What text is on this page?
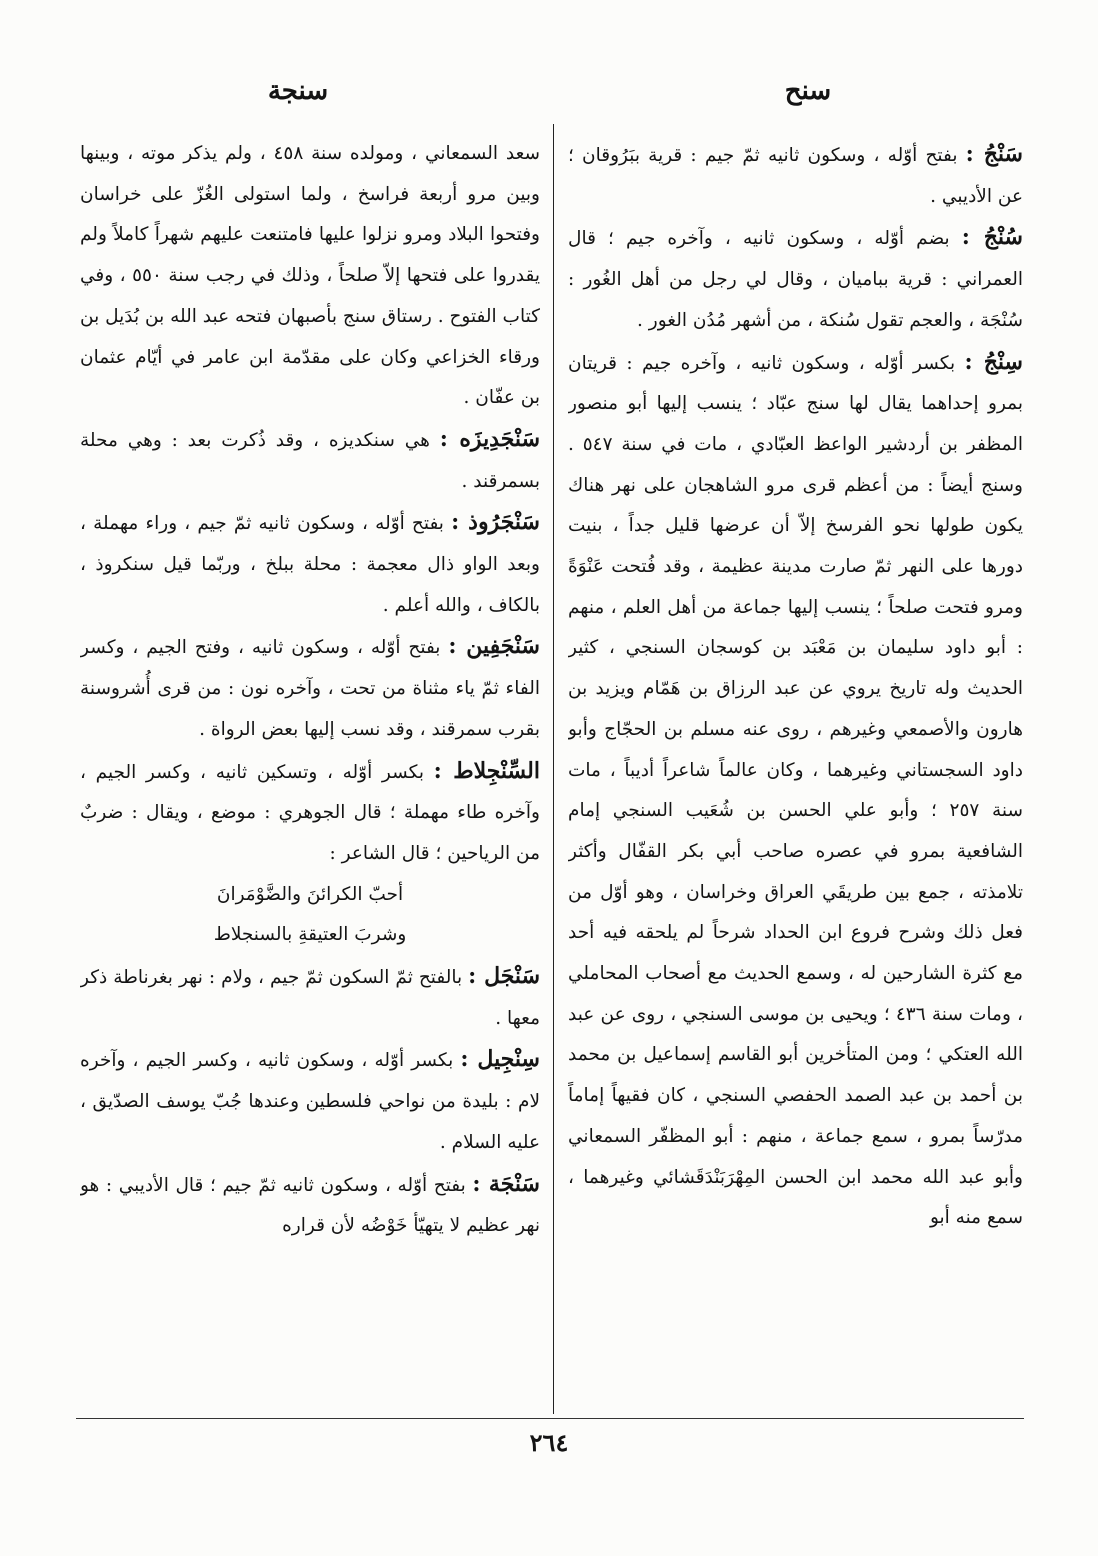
سنح
سنجة

سَنْجُ : بفتح أوّله ، وسكون ثانيه ثمّ جيم : قرية ببَرُوقان ؛ عن الأديبي .

سُنْجُ : بضم أوّله ، وسكون ثانيه ، وآخره جيم ؛ قال العمراني : قرية بباميان ، وقال لي رجل من أهل الغُور : سُنْجَة ، والعجم تقول سُنكة ، من أشهر مُدُن الغور .

سِنْجُ : بكسر أوّله ، وسكون ثانيه ، وآخره جيم : قريتان بمرو إحداهما يقال لها سنج عبّاد ؛ ينسب إليها أبو منصور المظفر بن أردشير الواعظ العبّادي ، مات في سنة ٥٤٧ . وسنج أيضاً : من أعظم قرى مرو الشاهجان على نهر هناك يكون طولها نحو الفرسخ إلاّ أن عرضها قليل جداً ، بنيت دورها على النهر ثمّ صارت مدينة عظيمة ، وقد فُتحت عَنْوَةً ومرو فتحت صلحاً ؛ ينسب إليها جماعة من أهل العلم ، منهم : أبو داود سليمان بن مَعْبَد بن كوسجان السنجي ، كثير الحديث وله تاريخ يروي عن عبد الرزاق بن هَمّام ويزيد بن هارون والأصمعي وغيرهم ، روى عنه مسلم بن الحجّاج وأبو داود السجستاني وغيرهما ، وكان عالماً شاعراً أديباً ، مات سنة ٢٥٧ ؛ وأبو علي الحسن بن شُعَيب السنجي إمام الشافعية بمرو في عصره صاحب أبي بكر القفّال وأكثر تلامذته ، جمع بين طريقَي العراق وخراسان ، وهو أوّل من فعل ذلك وشرح فروع ابن الحداد شرحاً لم يلحقه فيه أحد مع كثرة الشارحين له ، وسمع الحديث مع أصحاب المحاملي ، ومات سنة ٤٣٦ ؛ ويحيى بن موسى السنجي ، روى عن عبد الله العتكي ؛ ومن المتأخرين أبو القاسم إسماعيل بن محمد بن أحمد بن عبد الصمد الحفصي السنجي ، كان فقيهاً إماماً مدرّساً بمرو ، سمع جماعة ، منهم : أبو المظفّر السمعاني وأبو عبد الله محمد ابن الحسن المِهْرَبَنْدَقَشائي وغيرهما ، سمع منه أبو

سعد السمعاني ، ومولده سنة ٤٥٨ ، ولم يذكر موته ، وبينها وبين مرو أربعة فراسخ ، ولما استولى الغُزّ على خراسان وفتحوا البلاد ومرو نزلوا عليها فامتنعت عليهم شهراً كاملاً ولم يقدروا على فتحها إلاّ صلحاً ، وذلك في رجب سنة ٥٥٠ ، وفي كتاب الفتوح . رستاق سنج بأصبهان فتحه عبد الله بن بُدَيل بن ورقاء الخزاعي وكان على مقدّمة ابن عامر في أيّام عثمان بن عفّان .

سَنْجَدِيزَه : هي سنكديزه ، وقد ذُكرت بعد : وهي محلة بسمرقند .

سَنْجَرُوذ : بفتح أوّله ، وسكون ثانيه ثمّ جيم ، وراء مهملة ، وبعد الواو ذال معجمة : محلة ببلخ ، وربّما قيل سنكروذ ، بالكاف ، والله أعلم .

سَنْجَفِين : بفتح أوّله ، وسكون ثانيه ، وفتح الجيم ، وكسر الفاء ثمّ ياء مثناة من تحت ، وآخره نون : من قرى أُشروسنة بقرب سمرقند ، وقد نسب إليها بعض الرواة .

السِّنْجِلاط : بكسر أوّله ، وتسكين ثانيه ، وكسر الجيم ، وآخره طاء مهملة ؛ قال الجوهري : موضع ، ويقال : ضربٌ من الرياحين ؛ قال الشاعر :

أحبّ الكرائنَ والضَّوْمَرانَ

وشربَ العتيقةِ بالسنجلاط

سَنْجَل : بالفتح ثمّ السكون ثمّ جيم ، ولام : نهر بغرناطة ذكر معها .

سِنْجِيل : بكسر أوّله ، وسكون ثانيه ، وكسر الجيم ، وآخره لام : بليدة من نواحي فلسطين وعندها جُبّ يوسف الصدّيق ، عليه السلام .

سَنْجَة : بفتح أوّله ، وسكون ثانيه ثمّ جيم ؛ قال الأديبي : هو نهر عظيم لا يتهيّأ خَوْضُه لأن قراره

٢٦٤
